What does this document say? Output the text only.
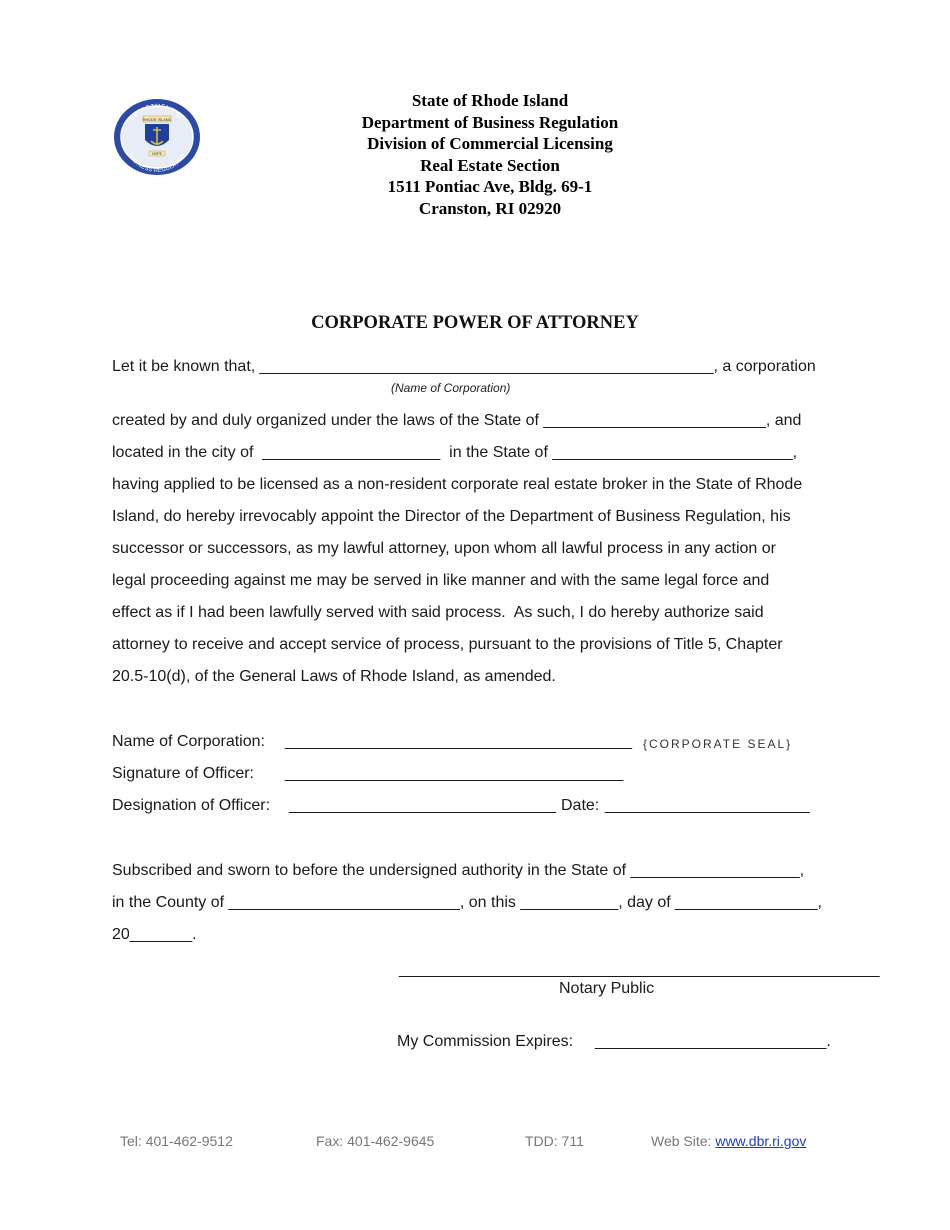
DEPARTMENT OF
BUSINESS REGULATION
RHODE ISLAND
HOPE
State of Rhode Island
Department of Business Regulation
Division of Commercial Licensing
Real Estate Section
1511 Pontiac Ave, Bldg. 69-1
Cranston, RI 02920
CORPORATE POWER OF ATTORNEY
Let it be known that, ___________________________________________________, a corporation
(Name of Corporation)
created by and duly organized under the laws of the State of _________________________, and
located in the city of  ____________________  in the State of ___________________________,
having applied to be licensed as a non-resident corporate real estate broker in the State of Rhode
Island, do hereby irrevocably appoint the Director of the Department of Business Regulation, his
successor or successors, as my lawful attorney, upon whom all lawful process in any action or
legal proceeding against me may be served in like manner and with the same legal force and
effect as if I had been lawfully served with said process.  As such, I do hereby authorize said
attorney to receive and accept service of process, pursuant to the provisions of Title 5, Chapter
20.5-10(d), of the General Laws of Rhode Island, as amended.
Name of Corporation: _______________________________________ {CORPORATE SEAL}
Signature of Officer: ______________________________________
Designation of Officer: ______________________________ Date: _______________________
Subscribed and sworn to before the undersigned authority in the State of ___________________,
in the County of __________________________, on this ___________, day of ________________,
20_______.
______________________________________________________
Notary Public
My Commission Expires: __________________________.
Tel: 401-462-9512	Fax: 401-462-9645	TDD: 711	Web Site: www.dbr.ri.gov
